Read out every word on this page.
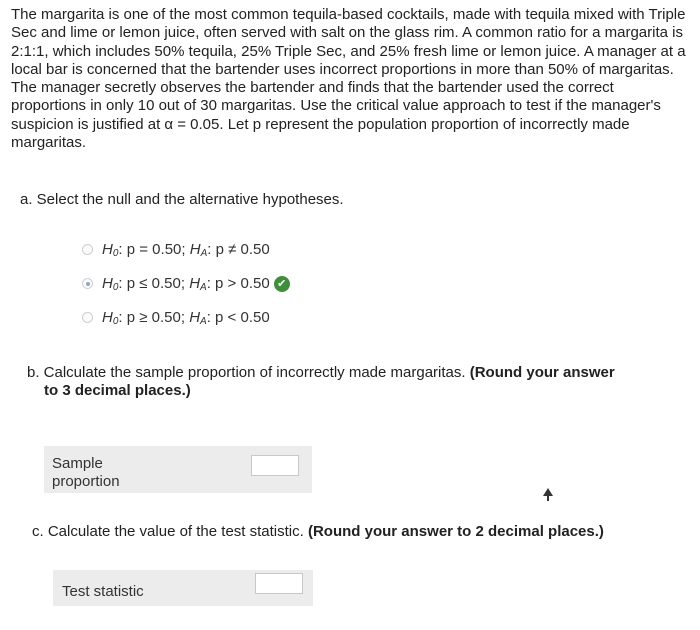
The margarita is one of the most common tequila-based cocktails, made with tequila mixed with Triple Sec and lime or lemon juice, often served with salt on the glass rim. A common ratio for a margarita is 2:1:1, which includes 50% tequila, 25% Triple Sec, and 25% fresh lime or lemon juice. A manager at a local bar is concerned that the bartender uses incorrect proportions in more than 50% of margaritas. The manager secretly observes the bartender and finds that the bartender used the correct proportions in only 10 out of 30 margaritas. Use the critical value approach to test if the manager's suspicion is justified at α = 0.05. Let p represent the population proportion of incorrectly made margaritas.
a. Select the null and the alternative hypotheses.
$H_0$: p = 0.50; $H_A$: p ≠ 0.50
$H_0$: p ≤ 0.50; $H_A$: p > 0.50 ✔
$H_0$: p ≥ 0.50; $H_A$: p < 0.50
b. Calculate the sample proportion of incorrectly made margaritas. (Round your answer
to 3 decimal places.)
Sample
proportion
c. Calculate the value of the test statistic. (Round your answer to 2 decimal places.)
Test statistic
